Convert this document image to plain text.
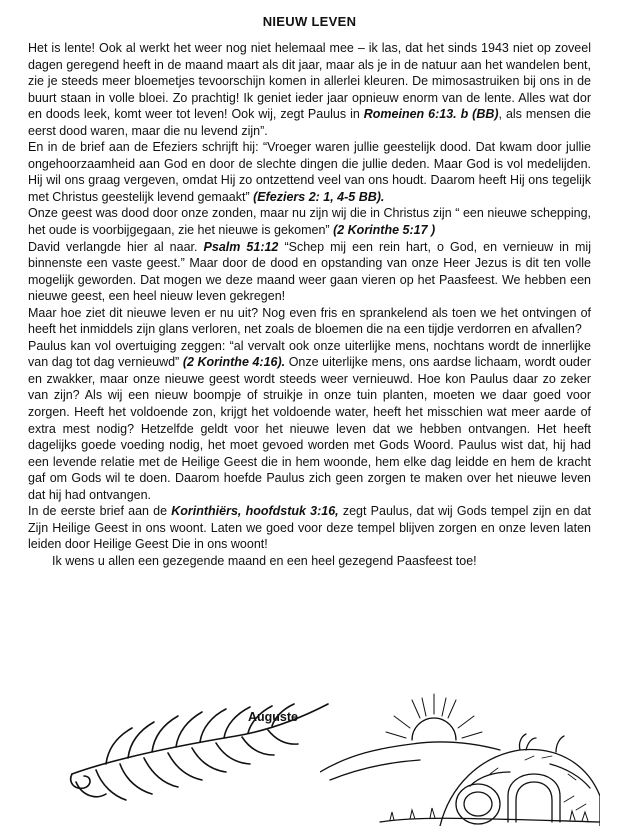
NIEUW LEVEN

Het is lente! Ook al werkt het weer nog niet helemaal mee – ik las, dat het sinds 1943 niet op zoveel dagen geregend heeft in de maand maart als dit jaar, maar als je in de natuur aan het wandelen bent, zie je steeds meer bloemetjes tevoorschijn komen in allerlei kleuren. De mimosastruiken bij ons in de buurt staan in volle bloei. Zo prachtig! Ik geniet ieder jaar opnieuw enorm van de lente. Alles wat dor en doods leek, komt weer tot leven! Ook wij, zegt Paulus in Romeinen 6:13. b (BB), als mensen die eerst dood waren, maar die nu levend zijn”.

En in de brief aan de Efeziers schrijft hij: “Vroeger waren jullie geestelijk dood. Dat kwam door jullie ongehoorzaamheid aan God en door de slechte dingen die jullie deden. Maar God is vol medelijden. Hij wil ons graag vergeven, omdat Hij zo ontzettend veel van ons houdt. Daarom heeft Hij ons tegelijk met Christus geestelijk levend gemaakt” (Efeziers 2: 1, 4-5 BB).

Onze geest was dood door onze zonden, maar nu zijn wij die in Christus zijn “ een nieuwe schepping, het oude is voorbijgegaan, zie het nieuwe is gekomen” (2 Korinthe 5:17 )

David verlangde hier al naar. Psalm 51:12 “Schep mij een rein hart, o God, en vernieuw in mij binnenste een vaste geest.” Maar door de dood en opstanding van onze Heer Jezus is dit ten volle mogelijk geworden. Dat mogen we deze maand weer gaan vieren op het Paasfeest. We hebben een nieuwe geest, een heel nieuw leven gekregen!

Maar hoe ziet dit nieuwe leven er nu uit? Nog even fris en sprankelend als toen we het ontvingen of heeft het inmiddels zijn glans verloren, net zoals de bloemen die na een tijdje verdorren en afvallen?

Paulus kan vol overtuiging zeggen: “al vervalt ook onze uiterlijke mens, nochtans wordt de innerlijke van dag tot dag vernieuwd” (2 Korinthe 4:16). Onze uiterlijke mens, ons aardse lichaam, wordt ouder en zwakker, maar onze nieuwe geest wordt steeds weer vernieuwd. Hoe kon Paulus daar zo zeker van zijn? Als wij een nieuw boompje of struikje in onze tuin planten, moeten we daar goed voor zorgen. Heeft het voldoende zon, krijgt het voldoende water, heeft het misschien wat meer aarde of extra mest nodig? Hetzelfde geldt voor het nieuwe leven dat we hebben ontvangen. Het heeft dagelijks goede voeding nodig, het moet gevoed worden met Gods Woord. Paulus wist dat, hij had een levende relatie met de Heilige Geest die in hem woonde, hem elke dag leidde en hem de kracht gaf om Gods wil te doen. Daarom hoefde Paulus zich geen zorgen te maken over het nieuwe leven dat hij had ontvangen.

In de eerste brief aan de Korinthiërs, hoofdstuk 3:16, zegt Paulus, dat wij Gods tempel zijn en dat Zijn Heilige Geest in ons woont. Laten we goed voor deze tempel blijven zorgen en onze leven laten leiden door Heilige Geest Die in ons woont!

Ik wens u allen een gezegende maand en een heel gezegend Paasfeest toe!

Auguste
